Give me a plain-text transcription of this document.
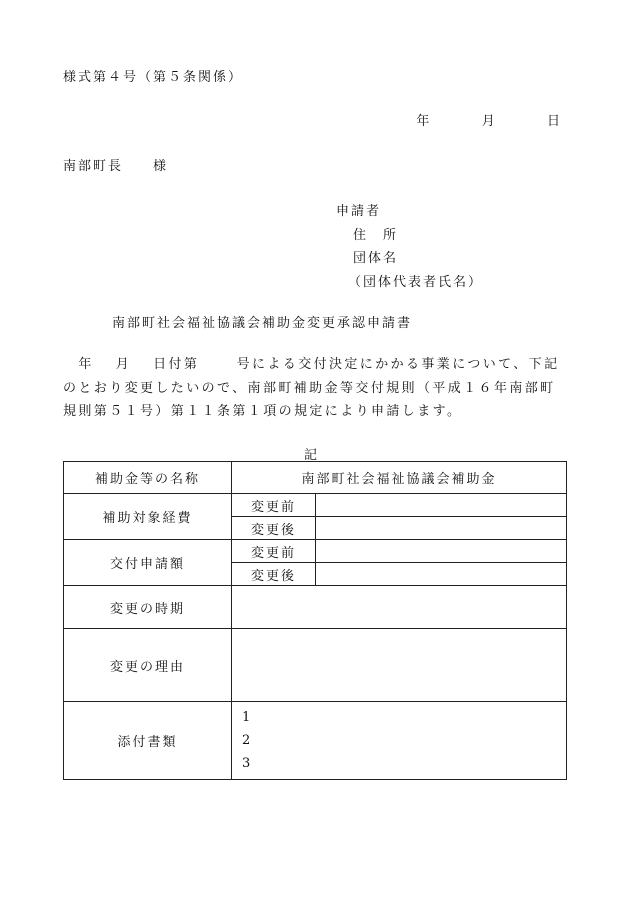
様式第４号（第５条関係）
年	月	日
南部町長　　様
申請者
住　所
団体名
（団体代表者氏名）
南部町社会福祉協議会補助金変更承認申請書
　年　 月　 日付第　　 号による交付決定にかかる事業について、下記のとおり変更したいので、南部町補助金等交付規則（平成１６年南部町規則第５１号）第１１条第１項の規定により申請します。
記
補助金等の名称	南部町社会福祉協議会補助金	
補助対象経費	変更前	
	変更後	
交付申請額	変更前	
	変更後	
変更の時期		
変更の理由		
添付書類	1
2
3	
